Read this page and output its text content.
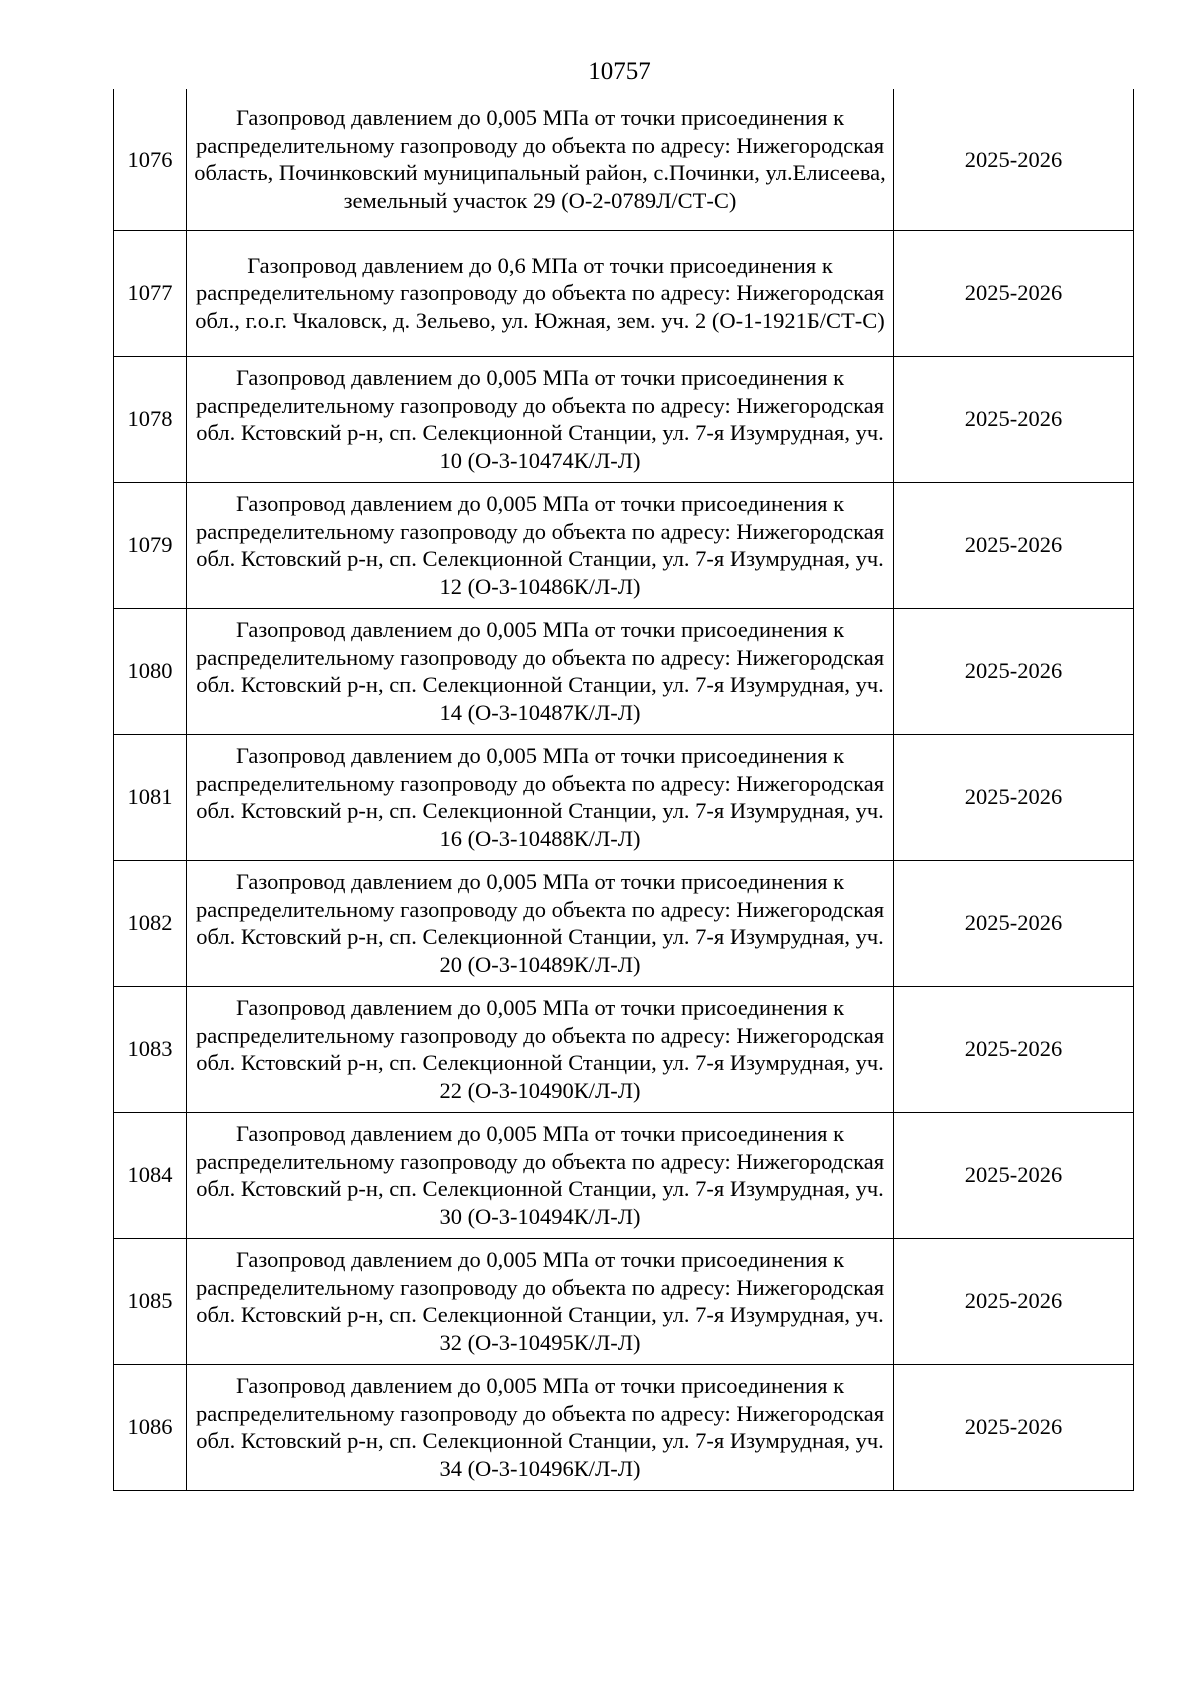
10757
1076	Газопровод давлением до 0,005 МПа от точки присоединения к распределительному газопроводу до объекта по адресу: Нижегородская область, Починковский муниципальный район, с.Починки, ул.Елисеева, земельный участок 29 (О-2-0789Л/СТ-С)	2025-2026
1077	Газопровод давлением до 0,6 МПа от точки присоединения к распределительному газопроводу до объекта по адресу: Нижегородская обл., г.о.г. Чкаловск, д. Зельево, ул. Южная, зем. уч. 2 (О-1-1921Б/СТ-С)	2025-2026
1078	Газопровод давлением до 0,005 МПа от точки присоединения к распределительному газопроводу до объекта по адресу: Нижегородская обл. Кстовский р-н, сп. Селекционной Станции, ул. 7-я Изумрудная, уч. 10 (О-3-10474К/Л-Л)	2025-2026
1079	Газопровод давлением до 0,005 МПа от точки присоединения к распределительному газопроводу до объекта по адресу: Нижегородская обл. Кстовский р-н, сп. Селекционной Станции, ул. 7-я Изумрудная, уч. 12 (О-3-10486К/Л-Л)	2025-2026
1080	Газопровод давлением до 0,005 МПа от точки присоединения к распределительному газопроводу до объекта по адресу: Нижегородская обл. Кстовский р-н, сп. Селекционной Станции, ул. 7-я Изумрудная, уч. 14 (О-3-10487К/Л-Л)	2025-2026
1081	Газопровод давлением до 0,005 МПа от точки присоединения к распределительному газопроводу до объекта по адресу: Нижегородская обл. Кстовский р-н, сп. Селекционной Станции, ул. 7-я Изумрудная, уч. 16 (О-3-10488К/Л-Л)	2025-2026
1082	Газопровод давлением до 0,005 МПа от точки присоединения к распределительному газопроводу до объекта по адресу: Нижегородская обл. Кстовский р-н, сп. Селекционной Станции, ул. 7-я Изумрудная, уч. 20 (О-3-10489К/Л-Л)	2025-2026
1083	Газопровод давлением до 0,005 МПа от точки присоединения к распределительному газопроводу до объекта по адресу: Нижегородская обл. Кстовский р-н, сп. Селекционной Станции, ул. 7-я Изумрудная, уч. 22 (О-3-10490К/Л-Л)	2025-2026
1084	Газопровод давлением до 0,005 МПа от точки присоединения к распределительному газопроводу до объекта по адресу: Нижегородская обл. Кстовский р-н, сп. Селекционной Станции, ул. 7-я Изумрудная, уч. 30 (О-3-10494К/Л-Л)	2025-2026
1085	Газопровод давлением до 0,005 МПа от точки присоединения к распределительному газопроводу до объекта по адресу: Нижегородская обл. Кстовский р-н, сп. Селекционной Станции, ул. 7-я Изумрудная, уч. 32 (О-3-10495К/Л-Л)	2025-2026
1086	Газопровод давлением до 0,005 МПа от точки присоединения к распределительному газопроводу до объекта по адресу: Нижегородская обл. Кстовский р-н, сп. Селекционной Станции, ул. 7-я Изумрудная, уч. 34 (О-3-10496К/Л-Л)	2025-2026
